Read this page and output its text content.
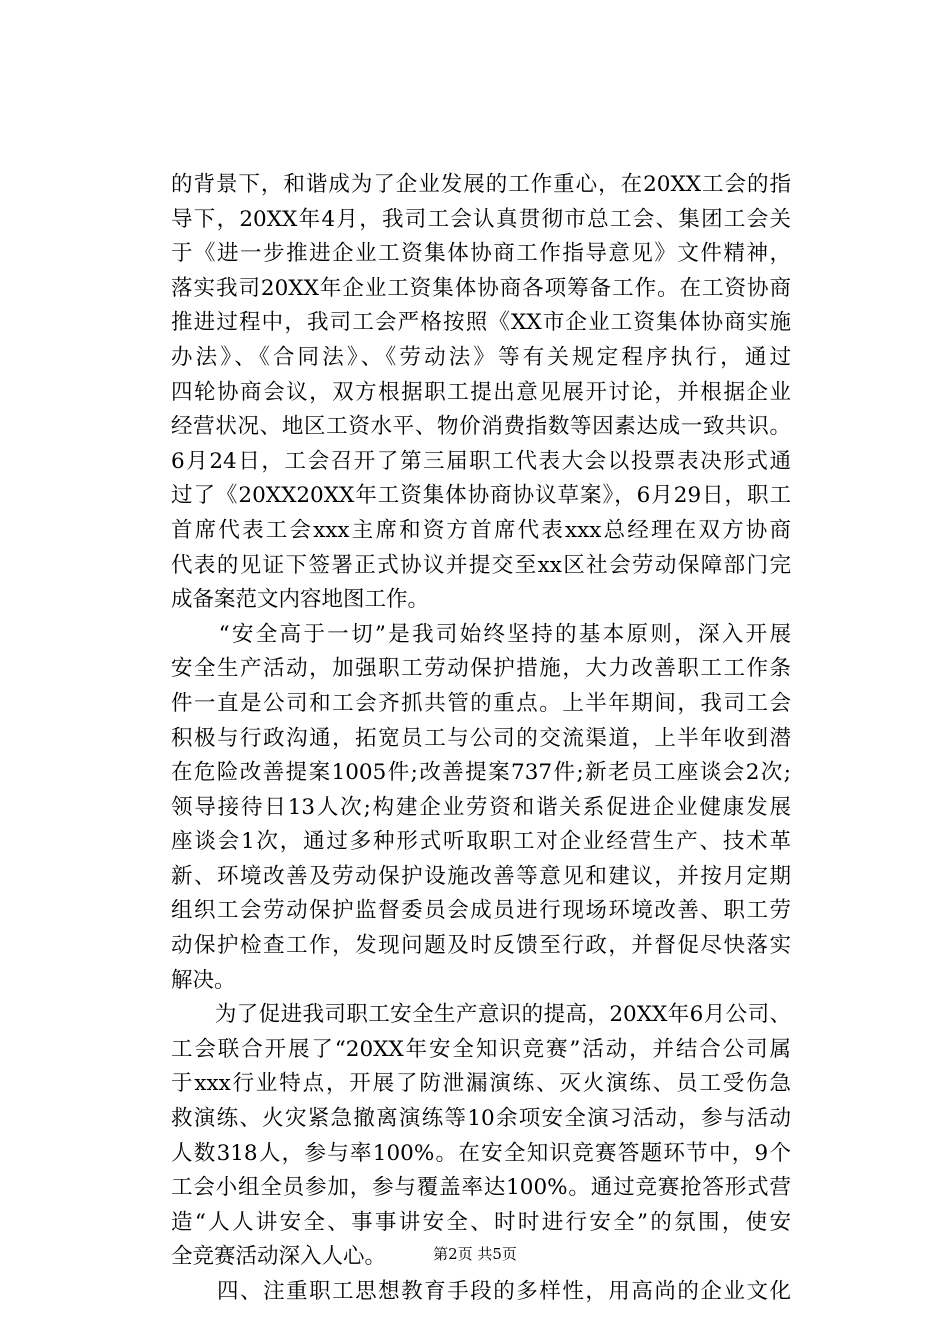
的背景下，和谐成为了企业发展的工作重心，在20XX工会的指
导下，20XX年4月，我司工会认真贯彻市总工会、集团工会关
于《进一步推进企业工资集体协商工作指导意见》文件精神，
落实我司20XX年企业工资集体协商各项筹备工作。在工资协商
推进过程中，我司工会严格按照《XX市企业工资集体协商实施
办法》、《合同法》、《劳动法》等有关规定程序执行，通过
四轮协商会议，双方根据职工提出意见展开讨论，并根据企业
经营状况、地区工资水平、物价消费指数等因素达成一致共识。
6月24日，工会召开了第三届职工代表大会以投票表决形式通
过了《20XX20XX年工资集体协商协议草案》，6月29日，职工
首席代表工会xxx主席和资方首席代表xxx总经理在双方协商
代表的见证下签署正式协议并提交至xx区社会劳动保障部门完
成备案范文内容地图工作。
　　“安全高于一切”是我司始终坚持的基本原则，深入开展
安全生产活动，加强职工劳动保护措施，大力改善职工工作条
件一直是公司和工会齐抓共管的重点。上半年期间，我司工会
积极与行政沟通，拓宽员工与公司的交流渠道，上半年收到潜
在危险改善提案1005件;改善提案737件;新老员工座谈会2次;
领导接待日13人次;构建企业劳资和谐关系促进企业健康发展
座谈会1次，通过多种形式听取职工对企业经营生产、技术革
新、环境改善及劳动保护设施改善等意见和建议，并按月定期
组织工会劳动保护监督委员会成员进行现场环境改善、职工劳
动保护检查工作，发现问题及时反馈至行政，并督促尽快落实
解决。
　　为了促进我司职工安全生产意识的提高，20XX年6月公司、
工会联合开展了“20XX年安全知识竞赛”活动，并结合公司属
于xxx行业特点，开展了防泄漏演练、灭火演练、员工受伤急
救演练、火灾紧急撤离演练等10余项安全演习活动，参与活动
人数318人，参与率100%。在安全知识竞赛答题环节中，9个
工会小组全员参加，参与覆盖率达100%。通过竞赛抢答形式营
造“人人讲安全、事事讲安全、时时进行安全”的氛围，使安
全竞赛活动深入人心。
　　四、注重职工思想教育手段的多样性，用高尚的企业文化
第2页 共5页
